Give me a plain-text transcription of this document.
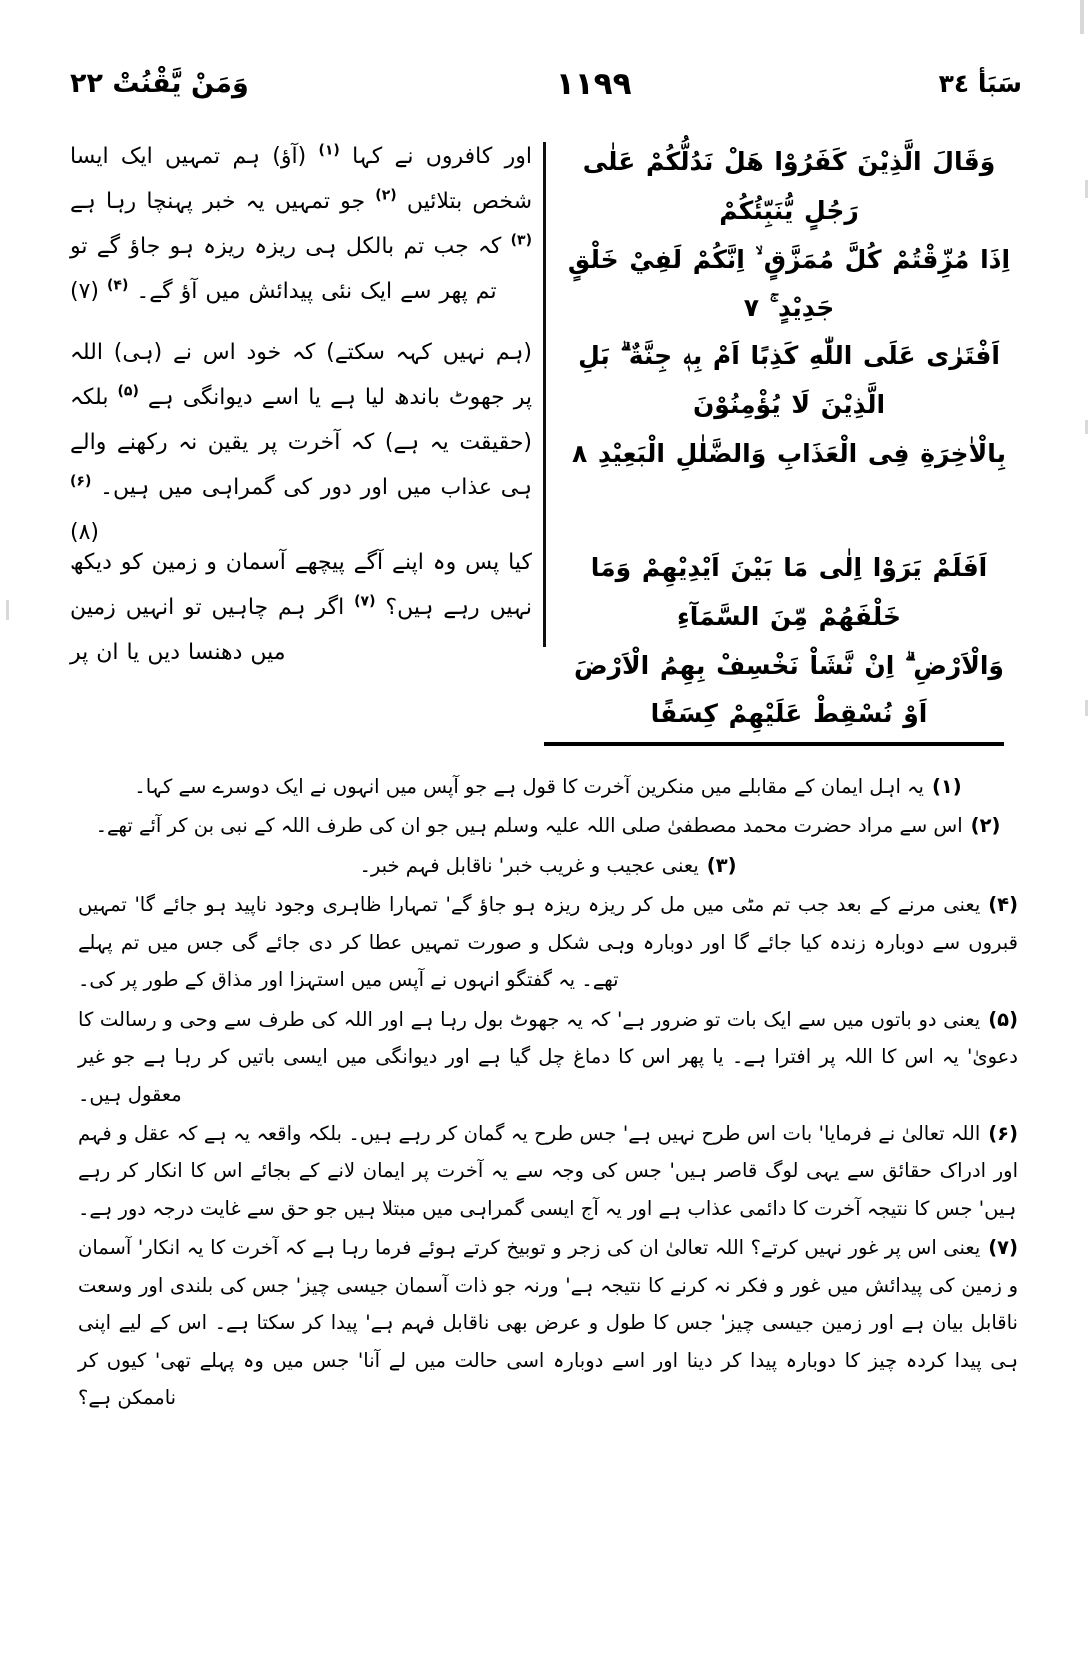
وَمَنْ يَّقْنُتْ ٢٢	١١٩٩	سَبَأ ٣٤
وَقَالَ الَّذِيْنَ كَفَرُوْا هَلْ نَدُلُّكُمْ عَلٰى رَجُلٍ يُّنَبِّئُكُمْ
اِذَا مُزِّقْتُمْ كُلَّ مُمَزَّقٍ ۙ اِنَّكُمْ لَفِيْ خَلْقٍ جَدِيْدٍ ۚ ٧
اَفْتَرٰى عَلَى اللّٰهِ كَذِبًا اَمْ بِهٖ جِنَّةٌ ۗ بَلِ الَّذِيْنَ لَا يُؤْمِنُوْنَ
بِالْاٰخِرَةِ فِى الْعَذَابِ وَالضَّلٰلِ الْبَعِيْدِ ٨
اَفَلَمْ يَرَوْا اِلٰى مَا بَيْنَ اَيْدِيْهِمْ وَمَا خَلْفَهُمْ مِّنَ السَّمَآءِ
وَالْاَرْضِ ۗ اِنْ نَّشَاْ نَخْسِفْ بِهِمُ الْاَرْضَ اَوْ نُسْقِطْ عَلَيْهِمْ كِسَفًا
اور کافروں نے کہا $^{(۱)}$ (آؤ) ہم تمہیں ایک ایسا شخص بتلائیں $^{(۲)}$ جو تمہیں یہ خبر پہنچا رہا ہے $^{(۳)}$ کہ جب تم بالکل ہی ریزہ ریزہ ہو جاؤ گے تو تم پھر سے ایک نئی پیدائش میں آؤ گے۔ $^{(۴)}$ (۷)
(ہم نہیں کہہ سکتے) کہ خود اس نے (ہی) اللہ پر جھوٹ باندھ لیا ہے یا اسے دیوانگی ہے $^{(۵)}$ بلکہ (حقیقت یہ ہے) کہ آخرت پر یقین نہ رکھنے والے ہی عذاب میں اور دور کی گمراہی میں ہیں۔ $^{(۶)}$ (۸)
کیا پس وہ اپنے آگے پیچھے آسمان و زمین کو دیکھ نہیں رہے ہیں؟ $^{(۷)}$ اگر ہم چاہیں تو انہیں زمین میں دھنسا دیں یا ان پر
(۱)یہ اہل ایمان کے مقابلے میں منکرین آخرت کا قول ہے جو آپس میں انہوں نے ایک دوسرے سے کہا۔
(۲)اس سے مراد حضرت محمد مصطفیٰ صلی اللہ علیہ وسلم ہیں جو ان کی طرف اللہ کے نبی بن کر آئے تھے۔
(۳)یعنی عجیب و غریب خبر' ناقابل فہم خبر۔
(۴)یعنی مرنے کے بعد جب تم مٹی میں مل کر ریزہ ریزہ ہو جاؤ گے' تمہارا ظاہری وجود ناپید ہو جائے گا' تمہیں قبروں سے دوبارہ زندہ کیا جائے گا اور دوبارہ وہی شکل و صورت تمہیں عطا کر دی جائے گی جس میں تم پہلے تھے۔ یہ گفتگو انہوں نے آپس میں استہزا اور مذاق کے طور پر کی۔
(۵)یعنی دو باتوں میں سے ایک بات تو ضرور ہے' کہ یہ جھوٹ بول رہا ہے اور اللہ کی طرف سے وحی و رسالت کا دعویٰ' یہ اس کا اللہ پر افترا ہے۔ یا پھر اس کا دماغ چل گیا ہے اور دیوانگی میں ایسی باتیں کر رہا ہے جو غیر معقول ہیں۔
(۶)اللہ تعالیٰ نے فرمایا' بات اس طرح نہیں ہے' جس طرح یہ گمان کر رہے ہیں۔ بلکہ واقعہ یہ ہے کہ عقل و فہم اور ادراک حقائق سے یہی لوگ قاصر ہیں' جس کی وجہ سے یہ آخرت پر ایمان لانے کے بجائے اس کا انکار کر رہے ہیں' جس کا نتیجہ آخرت کا دائمی عذاب ہے اور یہ آج ایسی گمراہی میں مبتلا ہیں جو حق سے غایت درجہ دور ہے۔
(۷)یعنی اس پر غور نہیں کرتے؟ اللہ تعالیٰ ان کی زجر و توبیخ کرتے ہوئے فرما رہا ہے کہ آخرت کا یہ انکار' آسمان و زمین کی پیدائش میں غور و فکر نہ کرنے کا نتیجہ ہے' ورنہ جو ذات آسمان جیسی چیز' جس کی بلندی اور وسعت ناقابل بیان ہے اور زمین جیسی چیز' جس کا طول و عرض بھی ناقابل فہم ہے' پیدا کر سکتا ہے۔ اس کے لیے اپنی ہی پیدا کردہ چیز کا دوبارہ پیدا کر دینا اور اسے دوبارہ اسی حالت میں لے آنا' جس میں وہ پہلے تھی' کیوں کر ناممکن ہے؟
